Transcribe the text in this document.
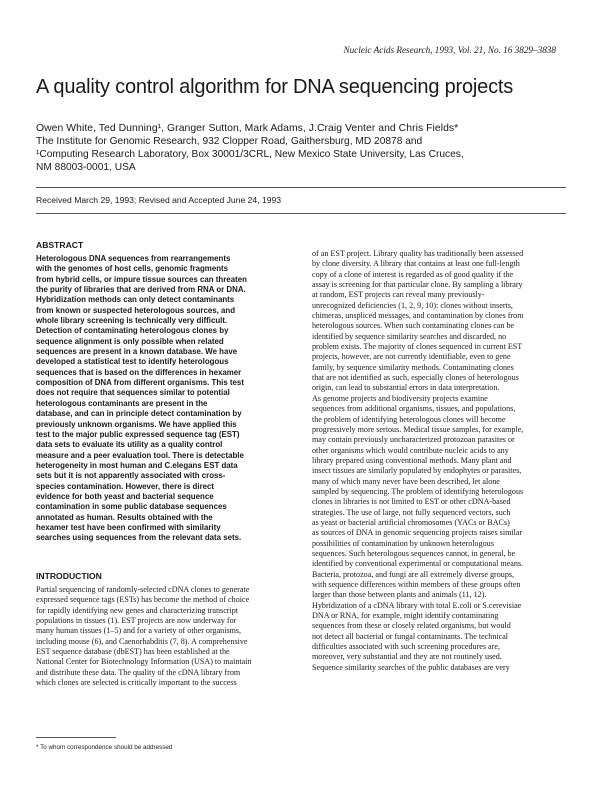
Nucleic Acids Research, 1993, Vol. 21, No. 16 3829–3838
A quality control algorithm for DNA sequencing projects
Owen White, Ted Dunning¹, Granger Sutton, Mark Adams, J.Craig Venter and Chris Fields*
The Institute for Genomic Research, 932 Clopper Road, Gaithersburg, MD 20878 and
¹Computing Research Laboratory, Box 30001/3CRL, New Mexico State University, Las Cruces,
NM 88003-0001, USA
Received March 29, 1993; Revised and Accepted June 24, 1993
ABSTRACT
Heterologous DNA sequences from rearrangements
with the genomes of host cells, genomic fragments
from hybrid cells, or impure tissue sources can threaten
the purity of libraries that are derived from RNA or DNA.
Hybridization methods can only detect contaminants
from known or suspected heterologous sources, and
whole library screening is technically very difficult.
Detection of contaminating heterologous clones by
sequence alignment is only possible when related
sequences are present in a known database. We have
developed a statistical test to identify heterologous
sequences that is based on the differences in hexamer
composition of DNA from different organisms. This test
does not require that sequences similar to potential
heterologous contaminants are present in the
database, and can in principle detect contamination by
previously unknown organisms. We have applied this
test to the major public expressed sequence tag (EST)
data sets to evaluate its utility as a quality control
measure and a peer evaluation tool. There is detectable
heterogeneity in most human and C.elegans EST data
sets but it is not apparently associated with cross-
species contamination. However, there is direct
evidence for both yeast and bacterial sequence
contamination in some public database sequences
annotated as human. Results obtained with the
hexamer test have been confirmed with similarity
searches using sequences from the relevant data sets.
INTRODUCTION
Partial sequencing of randomly-selected cDNA clones to generate
expressed sequence tags (ESTs) has become the method of choice
for rapidly identifying new genes and characterizing transcript
populations in tissues (1). EST projects are now underway for
many human tissues (1–5) and for a variety of other organisms,
including mouse (6), and Caenorhabditis (7, 8). A comprehensive
EST sequence database (dbEST) has been established at the
National Center for Biotechnology Information (USA) to maintain
and distribute these data. The quality of the cDNA library from
which clones are selected is critically important to the success
of an EST project. Library quality has traditionally been assessed
by clone diversity. A library that contains at least one full-length
copy of a clone of interest is regarded as of good quality if the
assay is screening for that particular clone. By sampling a library
at random, EST projects can reveal many previously-
unrecognized deficiencies (1, 2, 9, 10): clones without inserts,
chimeras, unspliced messages, and contamination by clones from
heterologous sources. When such contaminating clones can be
identified by sequence similarity searches and discarded, no
problem exists. The majority of clones sequenced in current EST
projects, however, are not currently identifiable, even to gene
family, by sequence similarity methods. Contaminating clones
that are not identified as such, especially clones of heterologous
origin, can lead to substantial errors in data interpretation.
As genome projects and biodiversity projects examine
sequences from additional organisms, tissues, and populations,
the problem of identifying heterologous clones will become
progressively more serious. Medical tissue samples, for example,
may contain previously uncharacterized protozoan parasites or
other organisms which would contribute nucleic acids to any
library prepared using conventional methods. Many plant and
insect tissues are similarly populated by endophytes or parasites,
many of which many never have been described, let alone
sampled by sequencing. The problem of identifying heterologous
clones in libraries is not limited to EST or other cDNA-based
strategies. The use of large, not fully sequenced vectors, such
as yeast or bacterial artificial chromosomes (YACs or BACs)
as sources of DNA in genomic sequencing projects raises similar
possibilities of contamination by unknown heterologous
sequences. Such heterologous sequences cannot, in general, be
identified by conventional experimental or computational means.
Bacteria, protozoa, and fungi are all extremely diverse groups,
with sequence differences within members of these groups often
larger than those between plants and animals (11, 12).
Hybridization of a cDNA library with total E.coli or S.cerevisiae
DNA or RNA, for example, might identify contaminating
sequences from these or closely related organisms, but would
not detect all bacterial or fungal contaminants. The technical
difficulties associated with such screening procedures are,
moreover, very substantial and they are not routinely used.
Sequence similarity searches of the public databases are very
* To whom correspondence should be addressed
